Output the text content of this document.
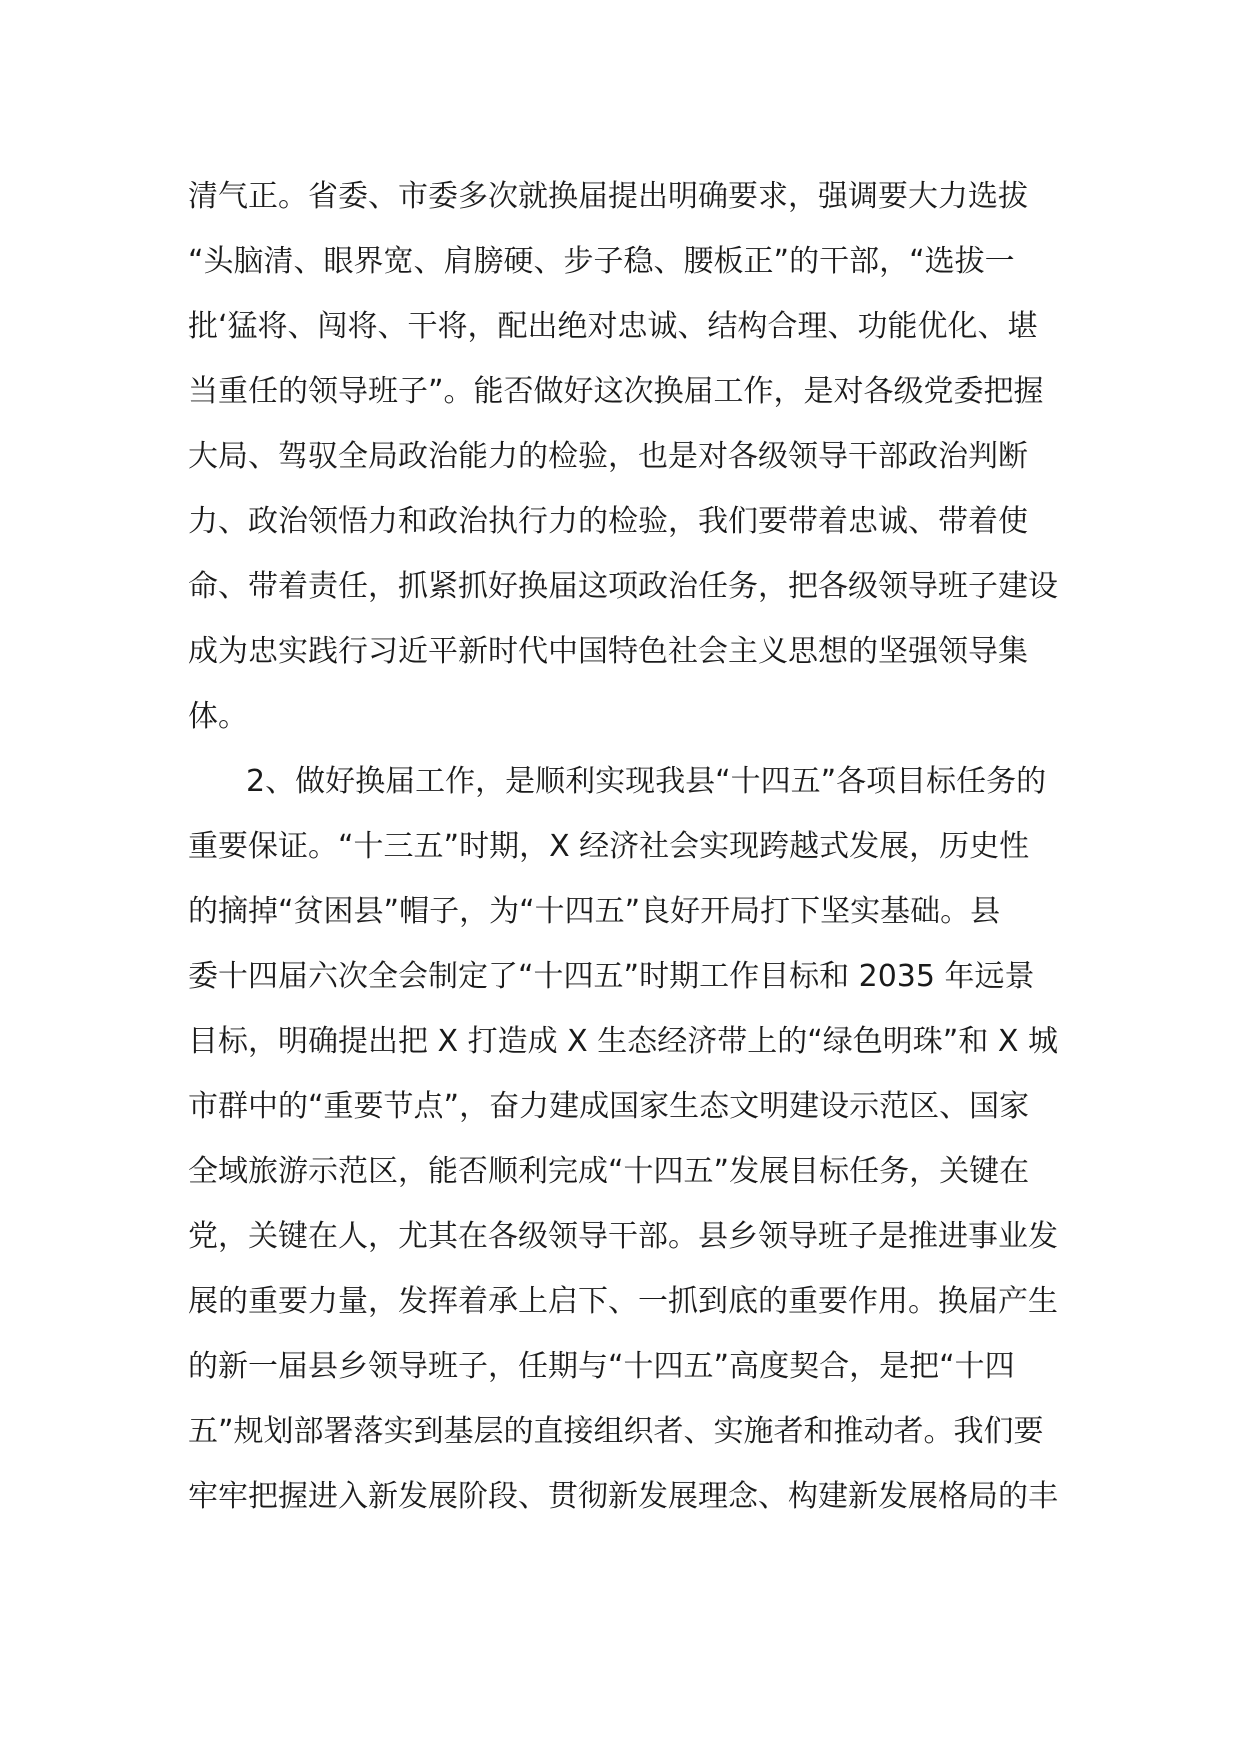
清气正。省委、市委多次就换届提出明确要求，强调要大力选拔
“头脑清、眼界宽、肩膀硬、步子稳、腰板正”的干部，“选拔一
批‘猛将、闯将、干将，配出绝对忠诚、结构合理、功能优化、堪
当重任的领导班子”。能否做好这次换届工作，是对各级党委把握
大局、驾驭全局政治能力的检验，也是对各级领导干部政治判断
力、政治领悟力和政治执行力的检验，我们要带着忠诚、带着使
命、带着责任，抓紧抓好换届这项政治任务，把各级领导班子建设
成为忠实践行习近平新时代中国特色社会主义思想的坚强领导集
体。
2、做好换届工作，是顺利实现我县“十四五”各项目标任务的
重要保证。“十三五”时期，X 经济社会实现跨越式发展，历史性
的摘掉“贫困县”帽子，为“十四五”良好开局打下坚实基础。县
委十四届六次全会制定了“十四五”时期工作目标和 2035 年远景
目标，明确提出把 X 打造成 X 生态经济带上的“绿色明珠”和 X 城
市群中的“重要节点”，奋力建成国家生态文明建设示范区、国家
全域旅游示范区，能否顺利完成“十四五”发展目标任务，关键在
党，关键在人，尤其在各级领导干部。县乡领导班子是推进事业发
展的重要力量，发挥着承上启下、一抓到底的重要作用。换届产生
的新一届县乡领导班子，任期与“十四五”高度契合，是把“十四
五”规划部署落实到基层的直接组织者、实施者和推动者。我们要
牢牢把握进入新发展阶段、贯彻新发展理念、构建新发展格局的丰
